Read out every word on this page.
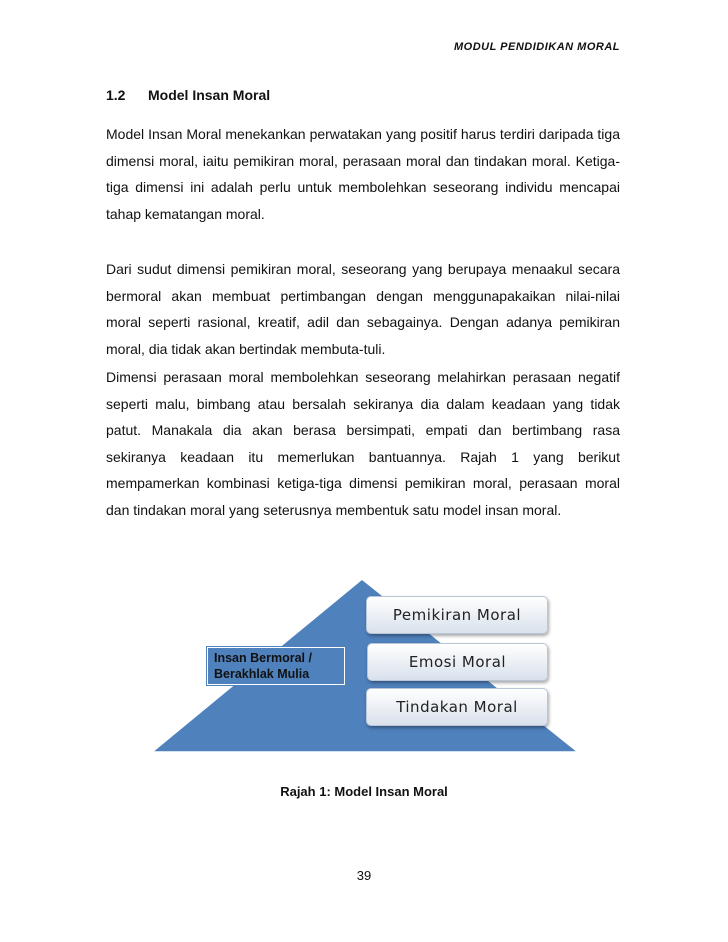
MODUL PENDIDIKAN MORAL
1.2 Model Insan Moral

Model Insan Moral menekankan perwatakan yang positif harus terdiri daripada tiga dimensi moral, iaitu pemikiran moral, perasaan moral dan tindakan moral. Ketiga-tiga dimensi ini adalah perlu untuk membolehkan seseorang individu mencapai tahap kematangan moral.

Dari sudut dimensi pemikiran moral, seseorang yang berupaya menaakul secara bermoral akan membuat pertimbangan dengan menggunapakaikan nilai-nilai moral seperti rasional, kreatif, adil dan sebagainya. Dengan adanya pemikiran moral, dia tidak akan bertindak membuta-tuli.

Dimensi perasaan moral membolehkan seseorang melahirkan perasaan negatif seperti malu, bimbang atau bersalah sekiranya dia dalam keadaan yang tidak patut. Manakala dia akan berasa bersimpati, empati dan bertimbang rasa sekiranya keadaan itu memerlukan bantuannya. Rajah 1 yang berikut mempamerkan kombinasi ketiga-tiga dimensi pemikiran moral, perasaan moral dan tindakan moral yang seterusnya membentuk satu model insan moral.

Insan Bermoral /
Berakhlak Mulia
Pemikiran Moral
Emosi Moral
Tindakan Moral
Rajah 1: Model Insan Moral
39
